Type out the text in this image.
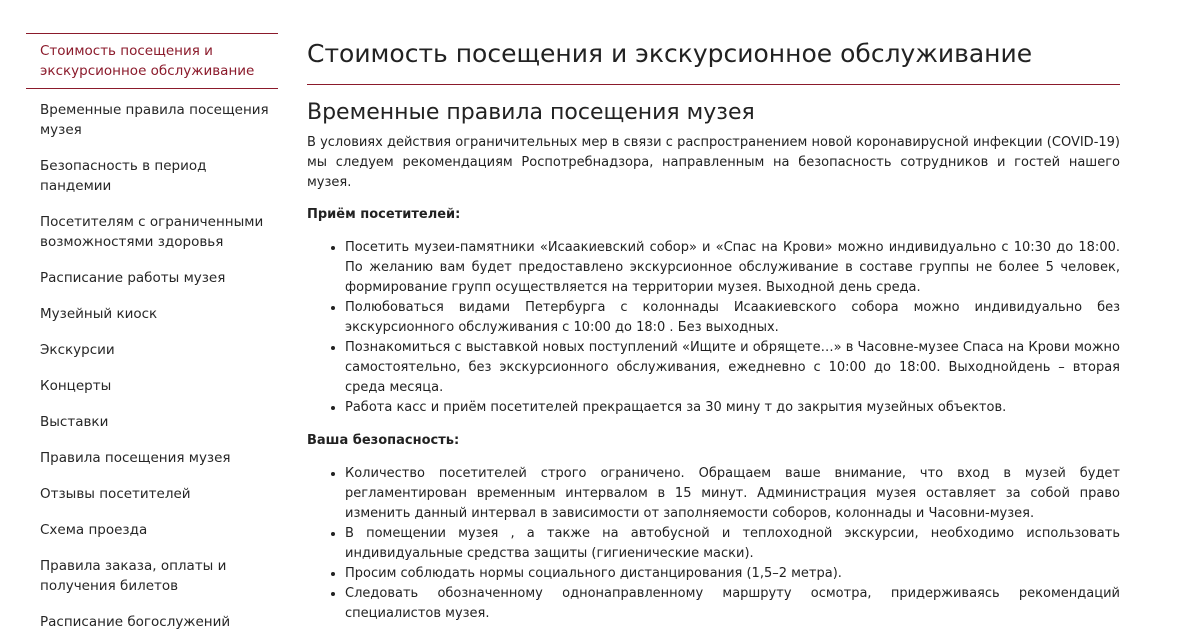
Стоимость посещения и экскурсионное обслуживание
Временные правила посещения музея
Безопасность в период пандемии
Посетителям с ограниченными возможностями здоровья
Расписание работы музея
Музейный киоск
Экскурсии
Концерты
Выставки
Правила посещения музея
Отзывы посетителей
Схема проезда
Правила заказа, оплаты и получения билетов
Расписание богослужений
Стоимость посещения и экскурсионное обслуживание
Временные правила посещения музея

В условиях действия ограничительных мер в связи с распространением новой коронавирусной инфекции (COVID-19) мы следуем рекомендациям Роспотребнадзора, направленным на безопасность сотрудников и гостей нашего музея.

Приём посетителей:

• Посетить музеи-памятники «Исаакиевский собор» и «Спас на Крови» можно индивидуально с 10:30 до 18:00. По желанию вам будет предоставлено экскурсионное обслуживание в составе группы не более 5 человек, формирование групп осуществляется на территории музея. Выходной день среда.
• Полюбоваться видами Петербурга с колоннады Исаакиевского собора можно индивидуально без экскурсионного обслуживания с 10:00 до 18:0 . Без выходных.
• Познакомиться с выставкой новых поступлений «Ищите и обрящете…» в Часовне-музее Спаса на Крови можно самостоятельно, без экскурсионного обслуживания, ежедневно с 10:00 до 18:00. Выходнойдень – вторая среда месяца.
• Работа касс и приём посетителей прекращается за 30 мину т до закрытия музейных объектов.

Ваша безопасность:

• Количество посетителей строго ограничено. Обращаем ваше внимание, что вход в музей будет регламентирован временным интервалом в 15 минут. Администрация музея оставляет за собой право изменить данный интервал в зависимости от заполняемости соборов, колоннады и Часовни-музея.
• В помещении музея , а также на автобусной и теплоходной экскурсии, необходимо использовать индивидуальные средства защиты (гигиенические маски).
• Просим соблюдать нормы социального дистанцирования (1,5–2 метра).
• Следовать обозначенному однонаправленному маршруту осмотра, придерживаясь рекомендаций специалистов музея.
